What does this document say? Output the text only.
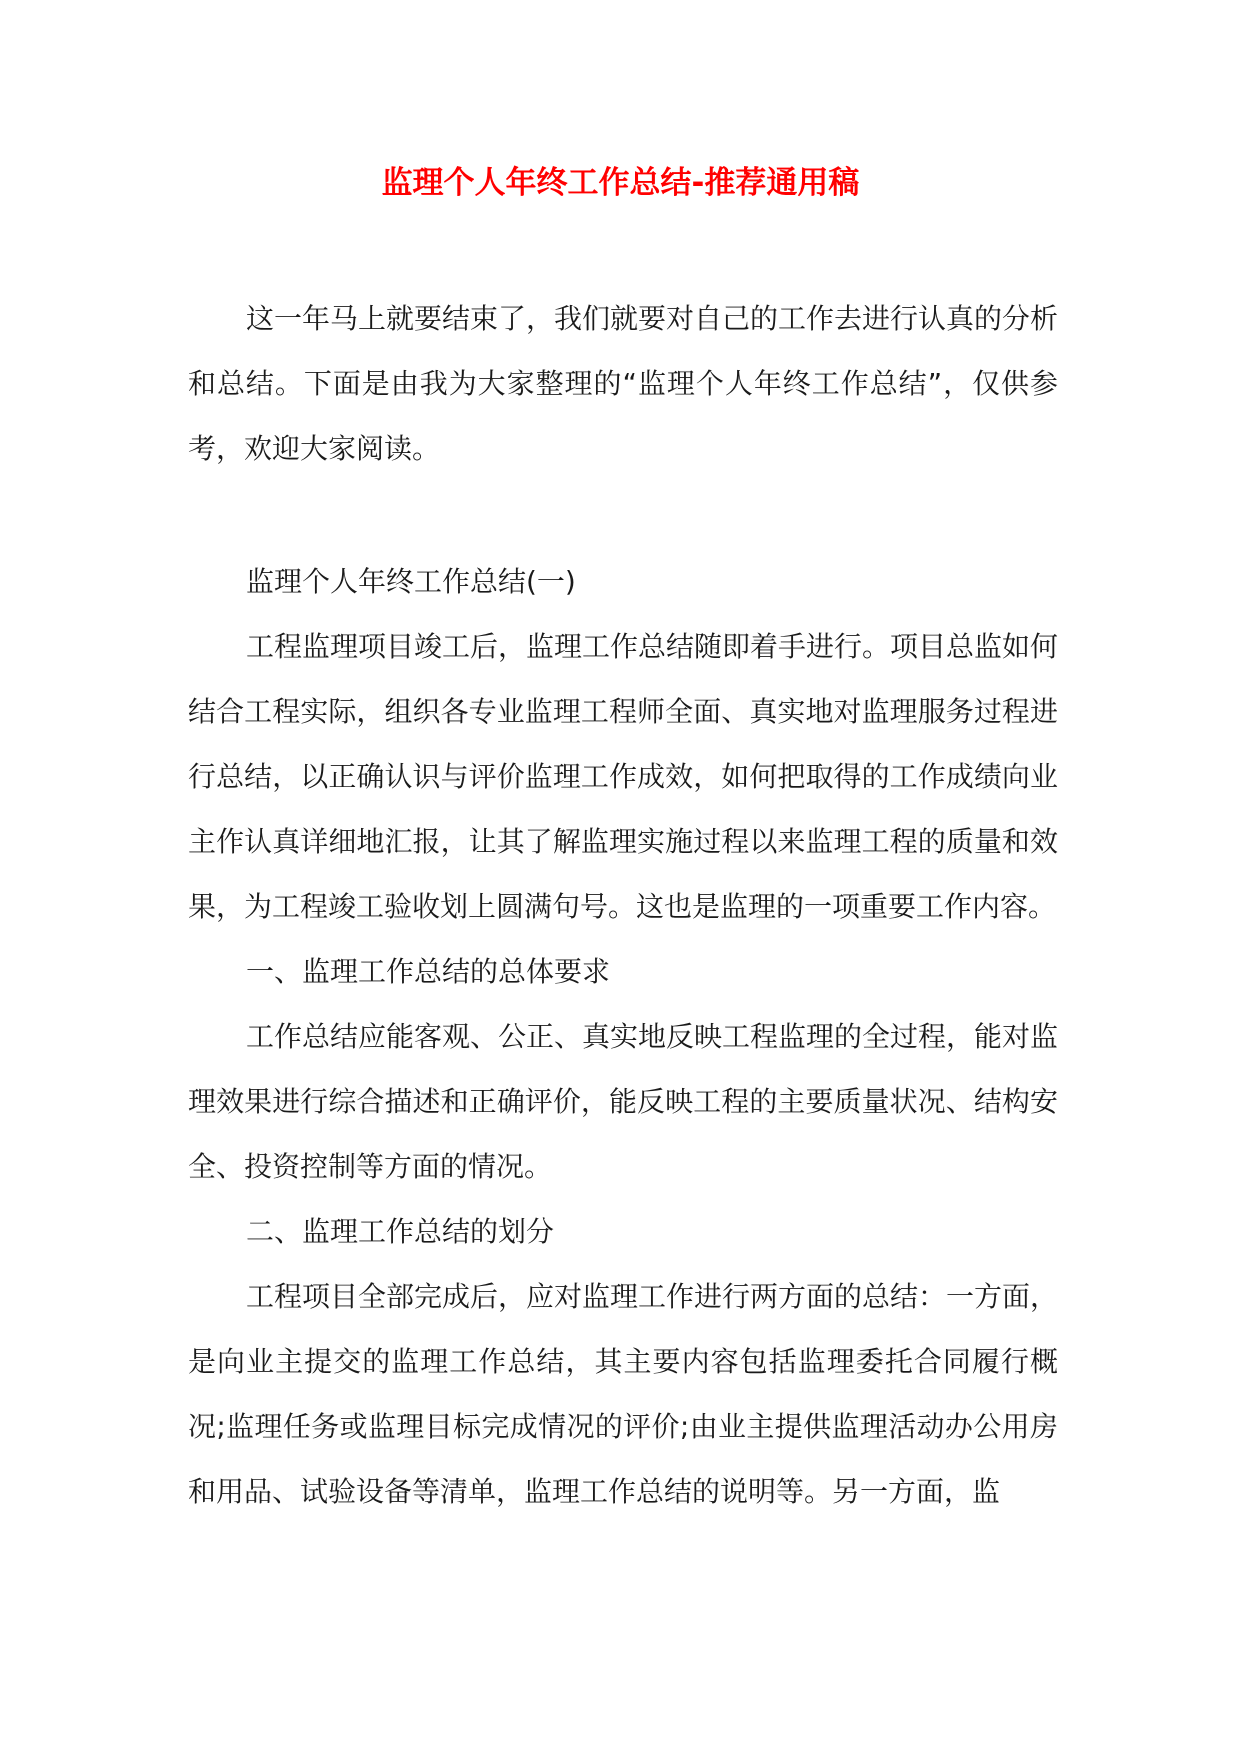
监理个人年终工作总结-推荐通用稿

这一年马上就要结束了，我们就要对自己的工作去进行认真的分析和总结。下面是由我为大家整理的“监理个人年终工作总结”，仅供参考，欢迎大家阅读。

监理个人年终工作总结(一)

工程监理项目竣工后，监理工作总结随即着手进行。项目总监如何结合工程实际，组织各专业监理工程师全面、真实地对监理服务过程进行总结，以正确认识与评价监理工作成效，如何把取得的工作成绩向业主作认真详细地汇报，让其了解监理实施过程以来监理工程的质量和效果，为工程竣工验收划上圆满句号。这也是监理的一项重要工作内容。

一、监理工作总结的总体要求

工作总结应能客观、公正、真实地反映工程监理的全过程，能对监理效果进行综合描述和正确评价，能反映工程的主要质量状况、结构安全、投资控制等方面的情况。

二、监理工作总结的划分

工程项目全部完成后，应对监理工作进行两方面的总结：一方面，是向业主提交的监理工作总结，其主要内容包括监理委托合同履行概况;监理任务或监理目标完成情况的评价;由业主提供监理活动办公用房和用品、试验设备等清单，监理工作总结的说明等。另一方面，监
